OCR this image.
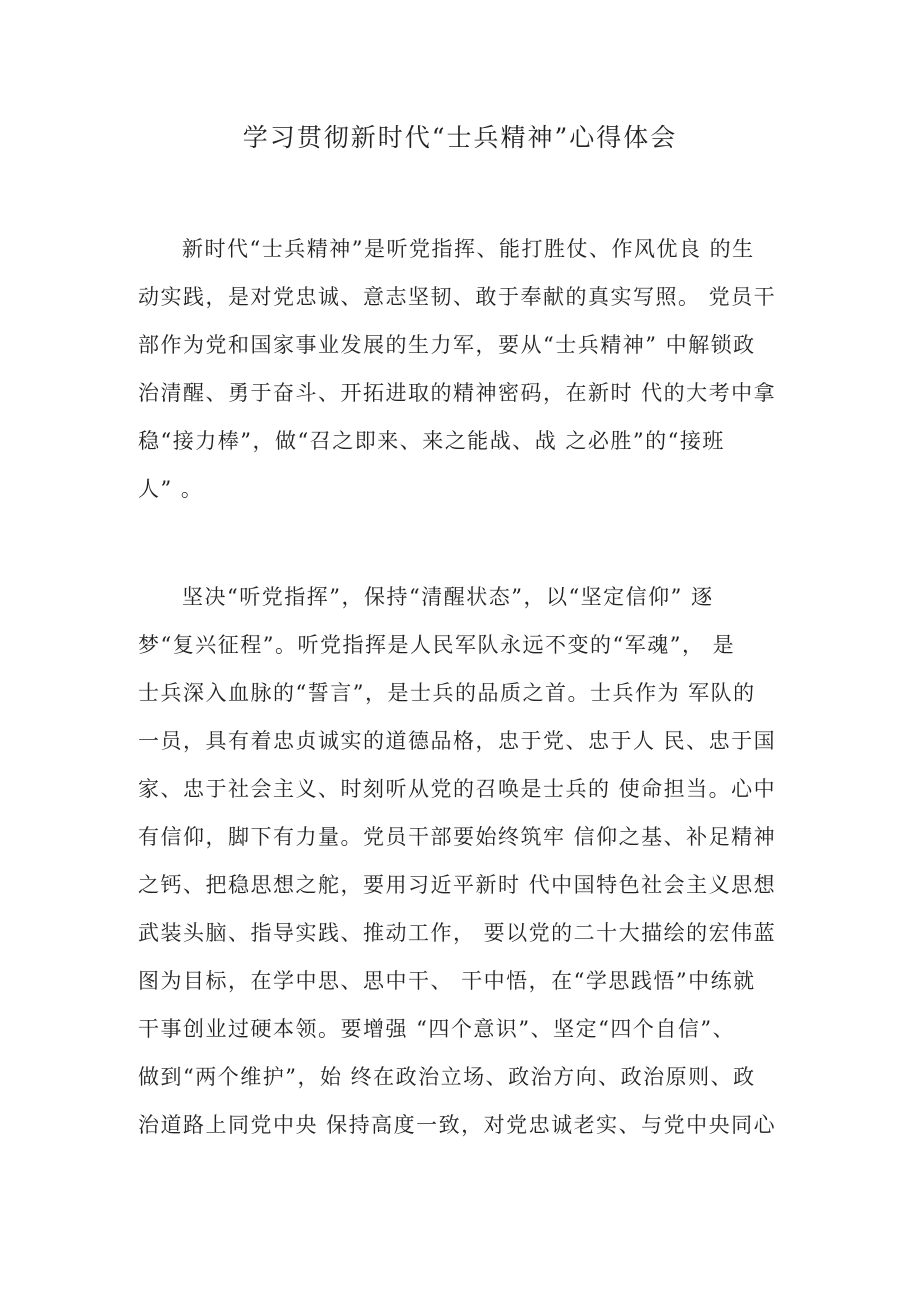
学习贯彻新时代“士兵精神”心得体会
新时代“士兵精神”是听党指挥、能打胜仗、作风优良 的生
动实践，是对党忠诚、意志坚韧、敢于奉献的真实写照。 党员干
部作为党和国家事业发展的生力军，要从“士兵精神” 中解锁政
治清醒、勇于奋斗、开拓进取的精神密码，在新时 代的大考中拿
稳“接力棒”，做“召之即来、来之能战、战 之必胜”的“接班
人” 。
坚决“听党指挥”，保持“清醒状态”，以“坚定信仰” 逐
梦“复兴征程”。听党指挥是人民军队永远不变的“军魂”， 是
士兵深入血脉的“誓言”，是士兵的品质之首。士兵作为 军队的
一员，具有着忠贞诚实的道德品格，忠于党、忠于人 民、忠于国
家、忠于社会主义、时刻听从党的召唤是士兵的 使命担当。心中
有信仰，脚下有力量。党员干部要始终筑牢 信仰之基、补足精神
之钙、把稳思想之舵，要用习近平新时 代中国特色社会主义思想
武装头脑、指导实践、推动工作， 要以党的二十大描绘的宏伟蓝
图为目标，在学中思、思中干、 干中悟，在“学思践悟”中练就
干事创业过硬本领。要增强 “四个意识”、坚定“四个自信”、
做到“两个维护”，始 终在政治立场、政治方向、政治原则、政
治道路上同党中央 保持高度一致，对党忠诚老实、与党中央同心
